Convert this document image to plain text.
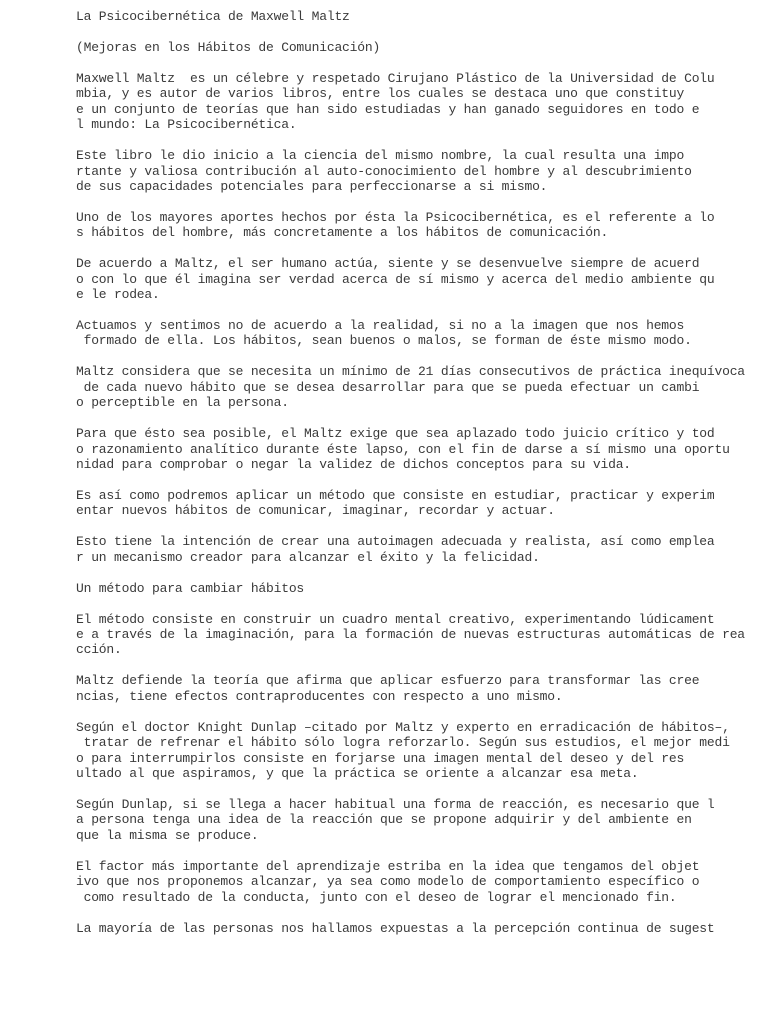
La Psicocibernética de Maxwell Maltz
(Mejoras en los Hábitos de Comunicación)
Maxwell Maltz  es un célebre y respetado Cirujano Plástico de la Universidad de Colu
mbia, y es autor de varios libros, entre los cuales se destaca uno que constituy
e un conjunto de teorías que han sido estudiadas y han ganado seguidores en todo e
l mundo: La Psicocibernética.
Este libro le dio inicio a la ciencia del mismo nombre, la cual resulta una impo
rtante y valiosa contribución al auto-conocimiento del hombre y al descubrimiento
de sus capacidades potenciales para perfeccionarse a si mismo.
Uno de los mayores aportes hechos por ésta la Psicocibernética, es el referente a lo
s hábitos del hombre, más concretamente a los hábitos de comunicación.
De acuerdo a Maltz, el ser humano actúa, siente y se desenvuelve siempre de acuerd
o con lo que él imagina ser verdad acerca de sí mismo y acerca del medio ambiente qu
e le rodea.
Actuamos y sentimos no de acuerdo a la realidad, si no a la imagen que nos hemos
formado de ella. Los hábitos, sean buenos o malos, se forman de éste mismo modo.
Maltz considera que se necesita un mínimo de 21 días consecutivos de práctica inequívoca
de cada nuevo hábito que se desea desarrollar para que se pueda efectuar un cambi
o perceptible en la persona.
Para que ésto sea posible, el Maltz exige que sea aplazado todo juicio crítico y tod
o razonamiento analítico durante éste lapso, con el fin de darse a sí mismo una oportu
nidad para comprobar o negar la validez de dichos conceptos para su vida.
Es así como podremos aplicar un método que consiste en estudiar, practicar y experim
entar nuevos hábitos de comunicar, imaginar, recordar y actuar.
Esto tiene la intención de crear una autoimagen adecuada y realista, así como emplea
r un mecanismo creador para alcanzar el éxito y la felicidad.
Un método para cambiar hábitos
El método consiste en construir un cuadro mental creativo, experimentando lúdicament
e a través de la imaginación, para la formación de nuevas estructuras automáticas de rea
cción.
Maltz defiende la teoría que afirma que aplicar esfuerzo para transformar las cree
ncias, tiene efectos contraproducentes con respecto a uno mismo.
Según el doctor Knight Dunlap –citado por Maltz y experto en erradicación de hábitos–,
tratar de refrenar el hábito sólo logra reforzarlo. Según sus estudios, el mejor medi
o para interrumpirlos consiste en forjarse una imagen mental del deseo y del res
ultado al que aspiramos, y que la práctica se oriente a alcanzar esa meta.
Según Dunlap, si se llega a hacer habitual una forma de reacción, es necesario que l
a persona tenga una idea de la reacción que se propone adquirir y del ambiente en
que la misma se produce.
El factor más importante del aprendizaje estriba en la idea que tengamos del objet
ivo que nos proponemos alcanzar, ya sea como modelo de comportamiento específico o
como resultado de la conducta, junto con el deseo de lograr el mencionado fin.
La mayoría de las personas nos hallamos expuestas a la percepción continua de sugest
